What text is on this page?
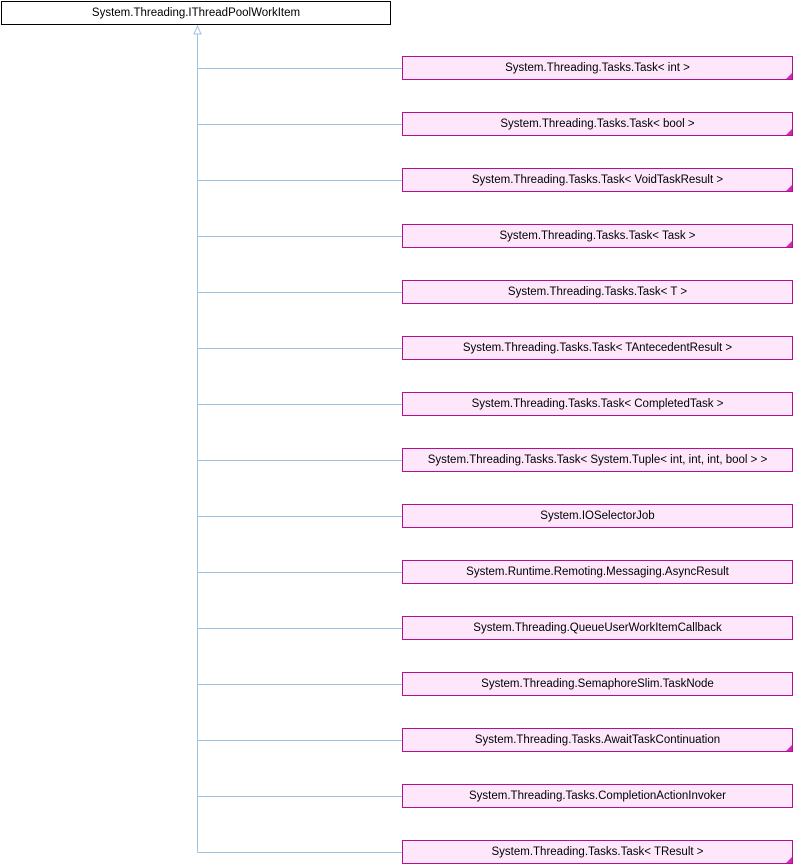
System.Threading.IThreadPoolWorkItem
System.Threading.Tasks.Task< int >
System.Threading.Tasks.Task< bool >
System.Threading.Tasks.Task< VoidTaskResult >
System.Threading.Tasks.Task< Task >
System.Threading.Tasks.Task< T >
System.Threading.Tasks.Task< TAntecedentResult >
System.Threading.Tasks.Task< CompletedTask >
System.Threading.Tasks.Task< System.Tuple< int, int, int, bool > >
System.IOSelectorJob
System.Runtime.Remoting.Messaging.AsyncResult
System.Threading.QueueUserWorkItemCallback
System.Threading.SemaphoreSlim.TaskNode
System.Threading.Tasks.AwaitTaskContinuation
System.Threading.Tasks.CompletionActionInvoker
System.Threading.Tasks.Task< TResult >
